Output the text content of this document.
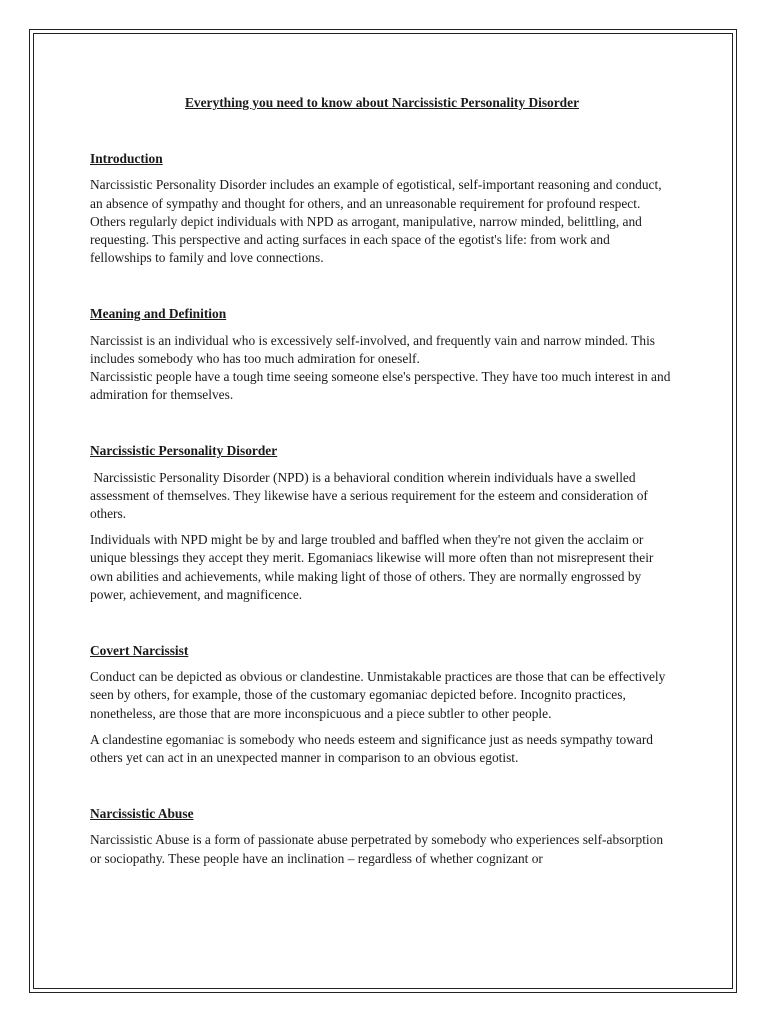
Everything you need to know about Narcissistic Personality Disorder
Introduction
Narcissistic Personality Disorder includes an example of egotistical, self-important reasoning and conduct, an absence of sympathy and thought for others, and an unreasonable requirement for profound respect. Others regularly depict individuals with NPD as arrogant, manipulative, narrow minded, belittling, and requesting. This perspective and acting surfaces in each space of the egotist's life: from work and fellowships to family and love connections.
Meaning and Definition
Narcissist is an individual who is excessively self-involved, and frequently vain and narrow minded. This includes somebody who has too much admiration for oneself.
Narcissistic people have a tough time seeing someone else's perspective. They have too much interest in and admiration for themselves.
Narcissistic Personality Disorder
Narcissistic Personality Disorder (NPD) is a behavioral condition wherein individuals have a swelled assessment of themselves. They likewise have a serious requirement for the esteem and consideration of others.
Individuals with NPD might be by and large troubled and baffled when they're not given the acclaim or unique blessings they accept they merit. Egomaniacs likewise will more often than not misrepresent their own abilities and achievements, while making light of those of others. They are normally engrossed by power, achievement, and magnificence.
Covert Narcissist
Conduct can be depicted as obvious or clandestine. Unmistakable practices are those that can be effectively seen by others, for example, those of the customary egomaniac depicted before. Incognito practices, nonetheless, are those that are more inconspicuous and a piece subtler to other people.
A clandestine egomaniac is somebody who needs esteem and significance just as needs sympathy toward others yet can act in an unexpected manner in comparison to an obvious egotist.
Narcissistic Abuse
Narcissistic Abuse is a form of passionate abuse perpetrated by somebody who experiences self-absorption or sociopathy. These people have an inclination – regardless of whether cognizant or
